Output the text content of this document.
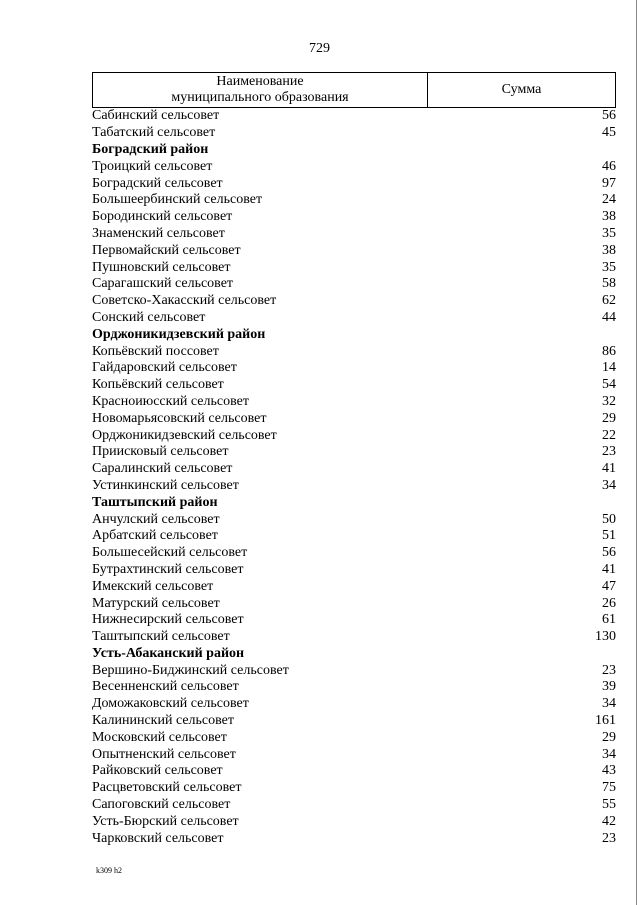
729
Наименование
муниципального образования
Сумма
Сабинский сельсовет	56
Табатский сельсовет	45
Боградский район
Троицкий сельсовет	46
Боградский сельсовет	97
Большеербинский сельсовет	24
Бородинский сельсовет	38
Знаменский сельсовет	35
Первомайский сельсовет	38
Пушновский сельсовет	35
Сарагашский сельсовет	58
Советско-Хакасский сельсовет	62
Сонский сельсовет	44
Орджоникидзевский район
Копьёвский поссовет	86
Гайдаровский сельсовет	14
Копьёвский сельсовет	54
Красноиюсский сельсовет	32
Новомарьясовский сельсовет	29
Орджоникидзевский сельсовет	22
Приисковый сельсовет	23
Саралинский сельсовет	41
Устинкинский сельсовет	34
Таштыпский район
Анчулский сельсовет	50
Арбатский сельсовет	51
Большесейский сельсовет	56
Бутрахтинский сельсовет	41
Имекский сельсовет	47
Матурский сельсовет	26
Нижнесирский сельсовет	61
Таштыпский сельсовет	130
Усть-Абаканский район
Вершино-Биджинский сельсовет	23
Весенненский сельсовет	39
Доможаковский сельсовет	34
Калининский сельсовет	161
Московский сельсовет	29
Опытненский сельсовет	34
Райковский сельсовет	43
Расцветовский сельсовет	75
Сапоговский сельсовет	55
Усть-Бюрский сельсовет	42
Чарковский сельсовет	23
k309 h2
